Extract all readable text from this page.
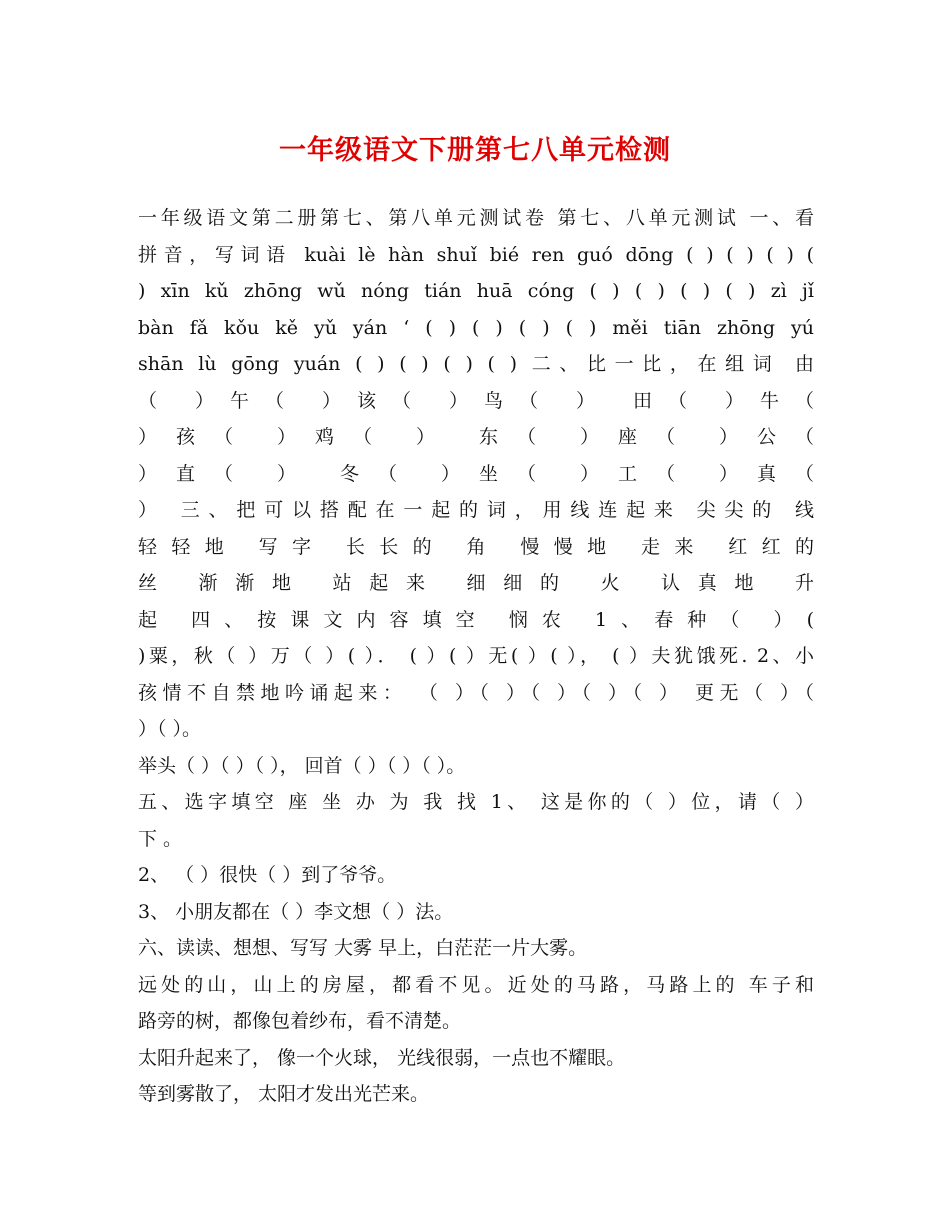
一年级语文下册第七八单元检测
一年级语文第二册第七、第八单元测试卷 第七、八单元测试 一、看
拼音，写词语 kuài lè hàn shuǐ bié ren guó dōng ( ) ( ) ( ) (
) xīn kǔ zhōng wǔ nóng tián huā cóng ( ) ( ) ( ) ( ) zì jǐ
bàn fǎ kǒu kě yǔ yán ‘ ( ) ( ) ( ) ( ) měi tiān zhōng yú
shān lù gōng yuán ( ) ( ) ( ) ( ) 二、比一比，在组词 由
（ ）午（ ）该（ ）鸟（ ） 田（ ）牛（
）孩（ ）鸡（ ） 东（ ）座（ ）公（
）直（ ） 冬（ ）坐（ ）工（ ）真（
） 三、把可以搭配在一起的词，用线连起来 尖尖的 线
轻轻地 写字 长长的 角 慢慢地 走来 红红的
丝 渐渐地 站起来 细细的 火 认真地 升
起 四、按课文内容填空 悯农 1、春种（ ）(
)粟，秋（ ）万（ ）( ）． ( ）( ）无( ）( ）， ( ）夫犹饿死. 2、小
孩情不自禁地吟诵起来： （ ）（ ）（ ）（ ）（ ） 更无（ ）（
）（ ）。
举头（ ）（ ）（ ）， 回首（ ）（ ）（ ）。
五、选字填空 座 坐 办 为 我 找 1、 这是你的（ ）位，请（ ）
下 。
2、 （ ）很快（ ）到了爷爷。
3、 小朋友都在（ ）李文想（ ）法。
六、读读、想想、写写 大雾 早上，白茫茫一片大雾。
远处的山，山上的房屋，都看不见。近处的马路，马路上的 车子和
路旁的树，都像包着纱布，看不清楚。
太阳升起来了， 像一个火球， 光线很弱，一点也不耀眼。
等到雾散了， 太阳才发出光芒来。
